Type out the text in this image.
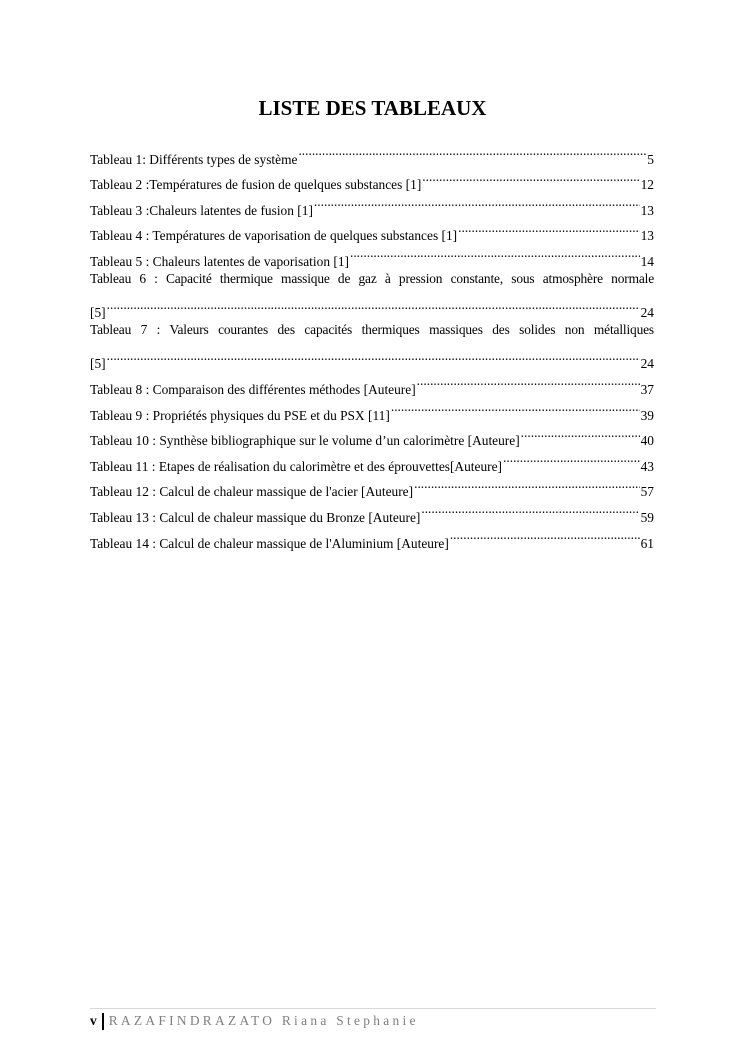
LISTE DES TABLEAUX
Tableau 1: Différents types de système .....	5
Tableau 2 :Températures de fusion de quelques substances [1] .....	12
Tableau 3 :Chaleurs latentes de fusion [1] .....	13
Tableau 4 : Températures de vaporisation de quelques substances [1] .....	13
Tableau 5 : Chaleurs latentes de vaporisation [1] .....	14
Tableau 6 : Capacité thermique massique de gaz à pression constante, sous atmosphère normale
[5] .....	24
Tableau 7 : Valeurs courantes des capacités thermiques massiques des solides non métalliques
[5] .....	24
Tableau 8 : Comparaison des différentes méthodes [Auteure] .....	37
Tableau 9 : Propriétés physiques du PSE et du PSX [11] .....	39
Tableau 10 : Synthèse bibliographique sur le volume d’un calorimètre [Auteure] .....	40
Tableau 11 : Etapes de réalisation du calorimètre et des éprouvettes[Auteure] .....	43
Tableau 12 : Calcul de chaleur massique de l'acier [Auteure] .....	57
Tableau 13 : Calcul de chaleur massique du Bronze [Auteure] .....	59
Tableau 14 : Calcul de chaleur massique de l'Aluminium [Auteure] .....	61
v RAZAFINDRAZATO Riana Stephanie
